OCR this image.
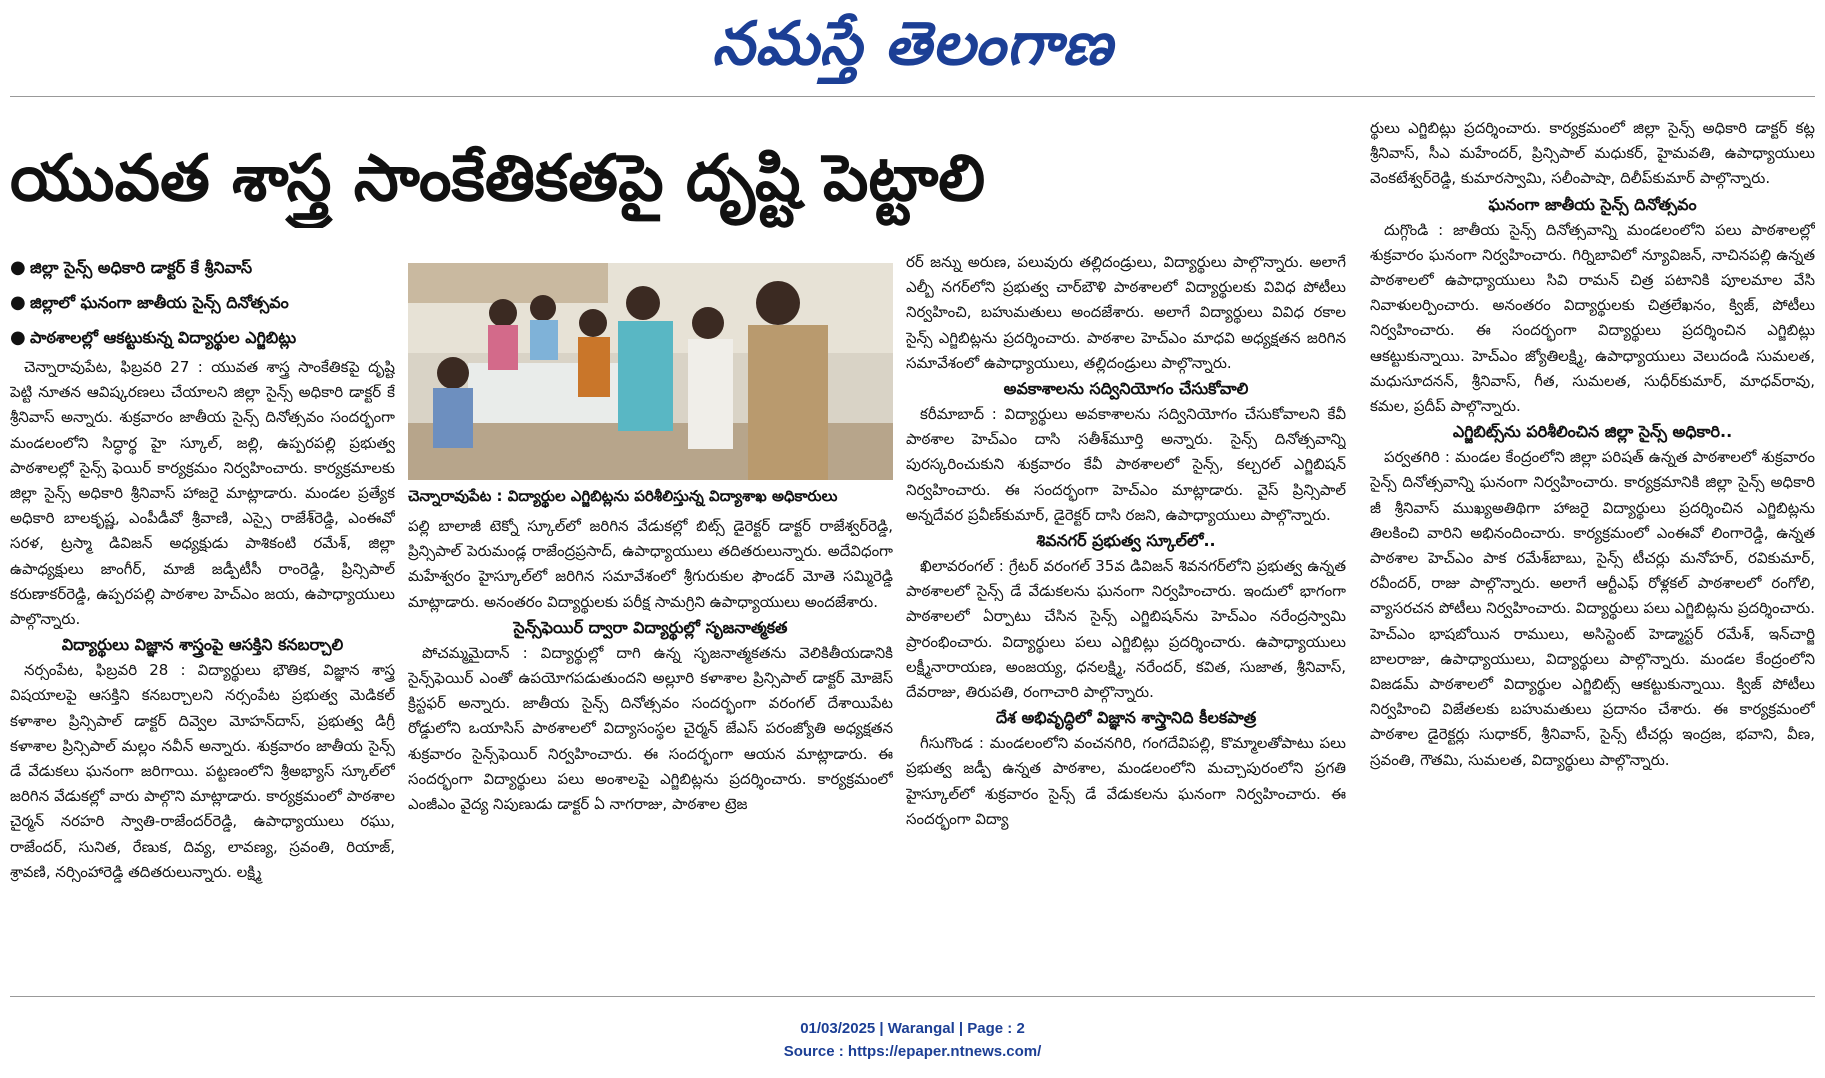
నమస్తే తెలంగాణ
యువత శాస్త్ర సాంకేతికతపై దృష్టి పెట్టాలి
● జిల్లా సైన్స్ అధికారి డాక్టర్ కే శ్రీనివాస్
● జిల్లాలో ఘనంగా జాతీయ సైన్స్ దినోత్సవం
● పాఠశాలల్లో ఆకట్టుకున్న విద్యార్థుల ఎగ్జిబిట్లు

చెన్నారావుపేట, ఫిబ్రవరి 27 : యువత శాస్త్ర సాంకేతికపై దృష్టి పెట్టి నూతన ఆవిష్కరణలు చేయాలని జిల్లా సైన్స్ అధికారి డాక్టర్ కే శ్రీనివాస్ అన్నారు. శుక్రవారం జాతీయ సైన్స్ దినోత్సవం సందర్భంగా మండలంలోని సిద్ధార్థ హై స్కూల్, జల్లి, ఉప్పరపల్లి ప్రభుత్వ పాఠశాలల్లో సైన్స్ ఫెయిర్ కార్యక్రమం నిర్వహించారు. కార్యక్రమాలకు జిల్లా సైన్స్ అధికారి శ్రీనివాస్ హాజరై మాట్లాడారు. మండల ప్రత్యేక అధికారి బాలకృష్ణ, ఎంపీడీవో శ్రీవాణి, ఎస్సై రాజేశ్‌రెడ్డి, ఎంఈవో సరళ, ట్రస్మా డివిజన్ అధ్యక్షుడు పాశికంటి రమేశ్, జిల్లా ఉపాధ్యక్షులు జాంగీర్, మాజీ జడ్పీటీసీ రాంరెడ్డి, ప్రిన్సిపాల్ కరుణాకర్‌రెడ్డి, ఉప్పరపల్లి పాఠశాల హెచ్‌ఎం జయ, ఉపాధ్యాయులు పాల్గొన్నారు.

విద్యార్థులు విజ్ఞాన శాస్త్రంపై ఆసక్తిని కనబర్చాలి

నర్సంపేట, ఫిబ్రవరి 28 : విద్యార్థులు భౌతిక, విజ్ఞాన శాస్త్ర విషయాలపై ఆసక్తిని కనబర్చాలని నర్సంపేట ప్రభుత్వ మెడికల్ కళాశాల ప్రిన్సిపాల్ డాక్టర్ దివ్వెల మోహన్‌దాస్, ప్రభుత్వ డిగ్రీ కళాశాల ప్రిన్సిపాల్ మల్లం నవీన్ అన్నారు. శుక్రవారం జాతీయ సైన్స్ డే వేడుకలు ఘనంగా జరిగాయి. పట్టణంలోని శ్రీఅభ్యాస్ స్కూల్‌లో జరిగిన వేడుకల్లో వారు పాల్గొని మాట్లాడారు. కార్యక్రమంలో పాఠశాల చైర్మన్ నరహరి స్వాతి-రాజేందర్‌రెడ్డి, ఉపాధ్యాయులు రఘు, రాజేందర్, సునిత, రేణుక, దివ్య, లావణ్య, స్రవంతి, రియాజ్, శ్రావణి, నర్సింహారెడ్డి తదితరులున్నారు. లక్ష్మి

చెన్నారావుపేట : విద్యార్థుల ఎగ్జిబిట్లను పరిశీలిస్తున్న విద్యాశాఖ అధికారులు

పల్లి బాలాజీ టెక్నో స్కూల్‌లో జరిగిన వేడుకల్లో బిట్స్ డైరెక్టర్ డాక్టర్ రాజేశ్వర్‌రెడ్డి, ప్రిన్సిపాల్ పెరుమండ్ల రాజేంద్రప్రసాద్, ఉపాధ్యాయులు తదితరులున్నారు. అదేవిధంగా మహేశ్వరం హైస్కూల్‌లో జరిగిన సమావేశంలో శ్రీగురుకుల ఫౌండర్ మోతె సమ్మిరెడ్డి మాట్లాడారు. అనంతరం విద్యార్థులకు పరీక్ష సామగ్రిని ఉపాధ్యాయులు అందజేశారు.

సైన్స్‌ఫెయిర్ ద్వారా విద్యార్థుల్లో సృజనాత్మకత

పోచమ్మమైదాన్ : విద్యార్థుల్లో దాగి ఉన్న సృజనాత్మకతను వెలికితీయడానికి సైన్స్‌ఫెయిర్ ఎంతో ఉపయోగపడుతుందని అల్లూరి కళాశాల ప్రిన్సిపాల్ డాక్టర్ మోజెస్ క్రిస్టఫర్ అన్నారు. జాతీయ సైన్స్ దినోత్సవం సందర్భంగా వరంగల్ దేశాయిపేట రోడ్డులోని ఒయాసిస్ పాఠశాలలో విద్యాసంస్థల చైర్మన్ జేఎస్ పరంజ్యోతి అధ్యక్షతన శుక్రవారం సైన్స్‌ఫెయిర్ నిర్వహించారు. ఈ సందర్భంగా ఆయన మాట్లాడారు. ఈ సందర్భంగా విద్యార్థులు పలు అంశాలపై ఎగ్జిబిట్లను ప్రదర్శించారు. కార్యక్రమంలో ఎంజీఎం వైద్య నిపుణుడు డాక్టర్ ఏ నాగరాజు, పాఠశాల ట్రెజ

రర్ జన్ను అరుణ, పలువురు తల్లిదండ్రులు, విద్యార్థులు పాల్గొన్నారు. అలాగే ఎల్బీ నగర్‌లోని ప్రభుత్వ చార్‌బౌళి పాఠశాలలో విద్యార్థులకు వివిధ పోటీలు నిర్వహించి, బహుమతులు అందజేశారు. అలాగే విద్యార్థులు వివిధ రకాల సైన్స్ ఎగ్జిబిట్లను ప్రదర్శించారు. పాఠశాల హెచ్‌ఎం మాధవి అధ్యక్షతన జరిగిన సమావేశంలో ఉపాధ్యాయులు, తల్లిదండ్రులు పాల్గొన్నారు.

అవకాశాలను సద్వినియోగం చేసుకోవాలి

కరీమాబాద్ : విద్యార్థులు అవకాశాలను సద్వినియోగం చేసుకోవాలని కేవీ పాఠశాల హెచ్‌ఎం దాసి సతీశ్‌మూర్తి అన్నారు. సైన్స్ దినోత్సవాన్ని పురస్కరించుకుని శుక్రవారం కేవీ పాఠశాలలో సైన్స్, కల్చరల్ ఎగ్జిబిషన్ నిర్వహించారు. ఈ సందర్భంగా హెచ్‌ఎం మాట్లాడారు. వైస్ ప్రిన్సిపాల్ అన్నదేవర ప్రవీణ్‌కుమార్, డైరెక్టర్ దాసి రజని, ఉపాధ్యాయులు పాల్గొన్నారు.

శివనగర్ ప్రభుత్వ స్కూల్‌లో..

ఖిలావరంగల్ : గ్రేటర్ వరంగల్ 35వ డివిజన్ శివనగర్‌లోని ప్రభుత్వ ఉన్నత పాఠశాలలో సైన్స్ డే వేడుకలను ఘనంగా నిర్వహించారు. ఇందులో భాగంగా పాఠశాలలో ఏర్పాటు చేసిన సైన్స్ ఎగ్జిబిషన్‌ను హెచ్‌ఎం నరేంద్రస్వామి ప్రారంభించారు. విద్యార్థులు పలు ఎగ్జిబిట్లు ప్రదర్శించారు. ఉపాధ్యాయులు లక్ష్మీనారాయణ, అంజయ్య, ధనలక్ష్మి, నరేందర్, కవిత, సుజాత, శ్రీనివాస్, దేవరాజు, తిరుపతి, రంగాచారి పాల్గొన్నారు.

దేశ అభివృద్ధిలో విజ్ఞాన శాస్త్రానిది కీలకపాత్ర

గీసుగొండ : మండలంలోని వంచనగిరి, గంగదేవిపల్లి, కొమ్మాలతోపాటు పలు ప్రభుత్వ జడ్పీ ఉన్నత పాఠశాల, మండలంలోని మచ్చాపురంలోని ప్రగతి హైస్కూల్‌లో శుక్రవారం సైన్స్ డే వేడుకలను ఘనంగా నిర్వహించారు. ఈ సందర్భంగా విద్యా

ర్థులు ఎగ్జిబిట్లు ప్రదర్శించారు. కార్యక్రమంలో జిల్లా సైన్స్ అధికారి డాక్టర్ కట్ల శ్రీనివాస్, సీఎ మహేందర్, ప్రిన్సిపాల్ మధుకర్, హైమవతి, ఉపాధ్యాయులు వెంకటేశ్వర్‌రెడ్డి, కుమారస్వామి, సలీంపాషా, దిలీప్‌కుమార్ పాల్గొన్నారు.

ఘనంగా జాతీయ సైన్స్ దినోత్సవం

దుగ్గొండి : జాతీయ సైన్స్ దినోత్సవాన్ని మండలంలోని పలు పాఠశాలల్లో శుక్రవారం ఘనంగా నిర్వహించారు. గిర్నిబావిలో న్యూవిజన్, నాచినపల్లి ఉన్నత పాఠశాలలో ఉపాధ్యాయులు సివి రామన్ చిత్ర పటానికి పూలమాల వేసి నివాళులర్పించారు. అనంతరం విద్యార్థులకు చిత్రలేఖనం, క్విజ్, పోటీలు నిర్వహించారు. ఈ సందర్భంగా విద్యార్థులు ప్రదర్శించిన ఎగ్జిబిట్లు ఆకట్టుకున్నాయి. హెచ్‌ఎం జ్యోతిలక్ష్మి, ఉపాధ్యాయులు వెలుదండి సుమలత, మధుసూదనన్, శ్రీనివాస్, గీత, సుమలత, సుధీర్‌కుమార్, మాధవ్‌రావు, కమల, ప్రదీప్ పాల్గొన్నారు.

ఎగ్జిబిట్స్‌ను పరిశీలించిన జిల్లా సైన్స్ అధికారి..

పర్వతగిరి : మండల కేంద్రంలోని జిల్లా పరిషత్ ఉన్నత పాఠశాలలో శుక్రవారం సైన్స్ దినోత్సవాన్ని ఘనంగా నిర్వహించారు. కార్యక్రమానికి జిల్లా సైన్స్ అధికారి జీ శ్రీనివాస్ ముఖ్యఅతిథిగా హాజరై విద్యార్థులు ప్రదర్శించిన ఎగ్జిబిట్లను తిలకించి వారిని అభినందించారు. కార్యక్రమంలో ఎంఈవో లింగారెడ్డి, ఉన్నత పాఠశాల హెచ్‌ఎం పాక రమేశ్‌బాబు, సైన్స్ టీచర్లు మనోహర్, రవికుమార్, రవీందర్, రాజు పాల్గొన్నారు. అలాగే ఆర్టీఎఫ్ రోళ్లకల్ పాఠశాలలో రంగోలి, వ్యాసరచన పోటీలు నిర్వహించారు. విద్యార్థులు పలు ఎగ్జిబిట్లను ప్రదర్శించారు. హెచ్‌ఎం భాషబోయిన రాములు, అసిస్టెంట్ హెడ్మాస్టర్ రమేశ్, ఇన్‌చార్జి బాలరాజు, ఉపాధ్యాయులు, విద్యార్థులు పాల్గొన్నారు. మండల కేంద్రంలోని విజడమ్ పాఠశాలలో విద్యార్థుల ఎగ్జిబిట్స్ ఆకట్టుకున్నాయి. క్విజ్ పోటీలు నిర్వహించి విజేతలకు బహుమతులు ప్రదానం చేశారు. ఈ కార్యక్రమంలో పాఠశాల డైరెక్టర్లు సుధాకర్, శ్రీనివాస్, సైన్స్ టీచర్లు ఇంద్రజ, భవాని, వీణ, స్రవంతి, గౌతమి, సుమలత, విద్యార్థులు పాల్గొన్నారు.

01/03/2025 | Warangal | Page : 2
Source : https://epaper.ntnews.com/
